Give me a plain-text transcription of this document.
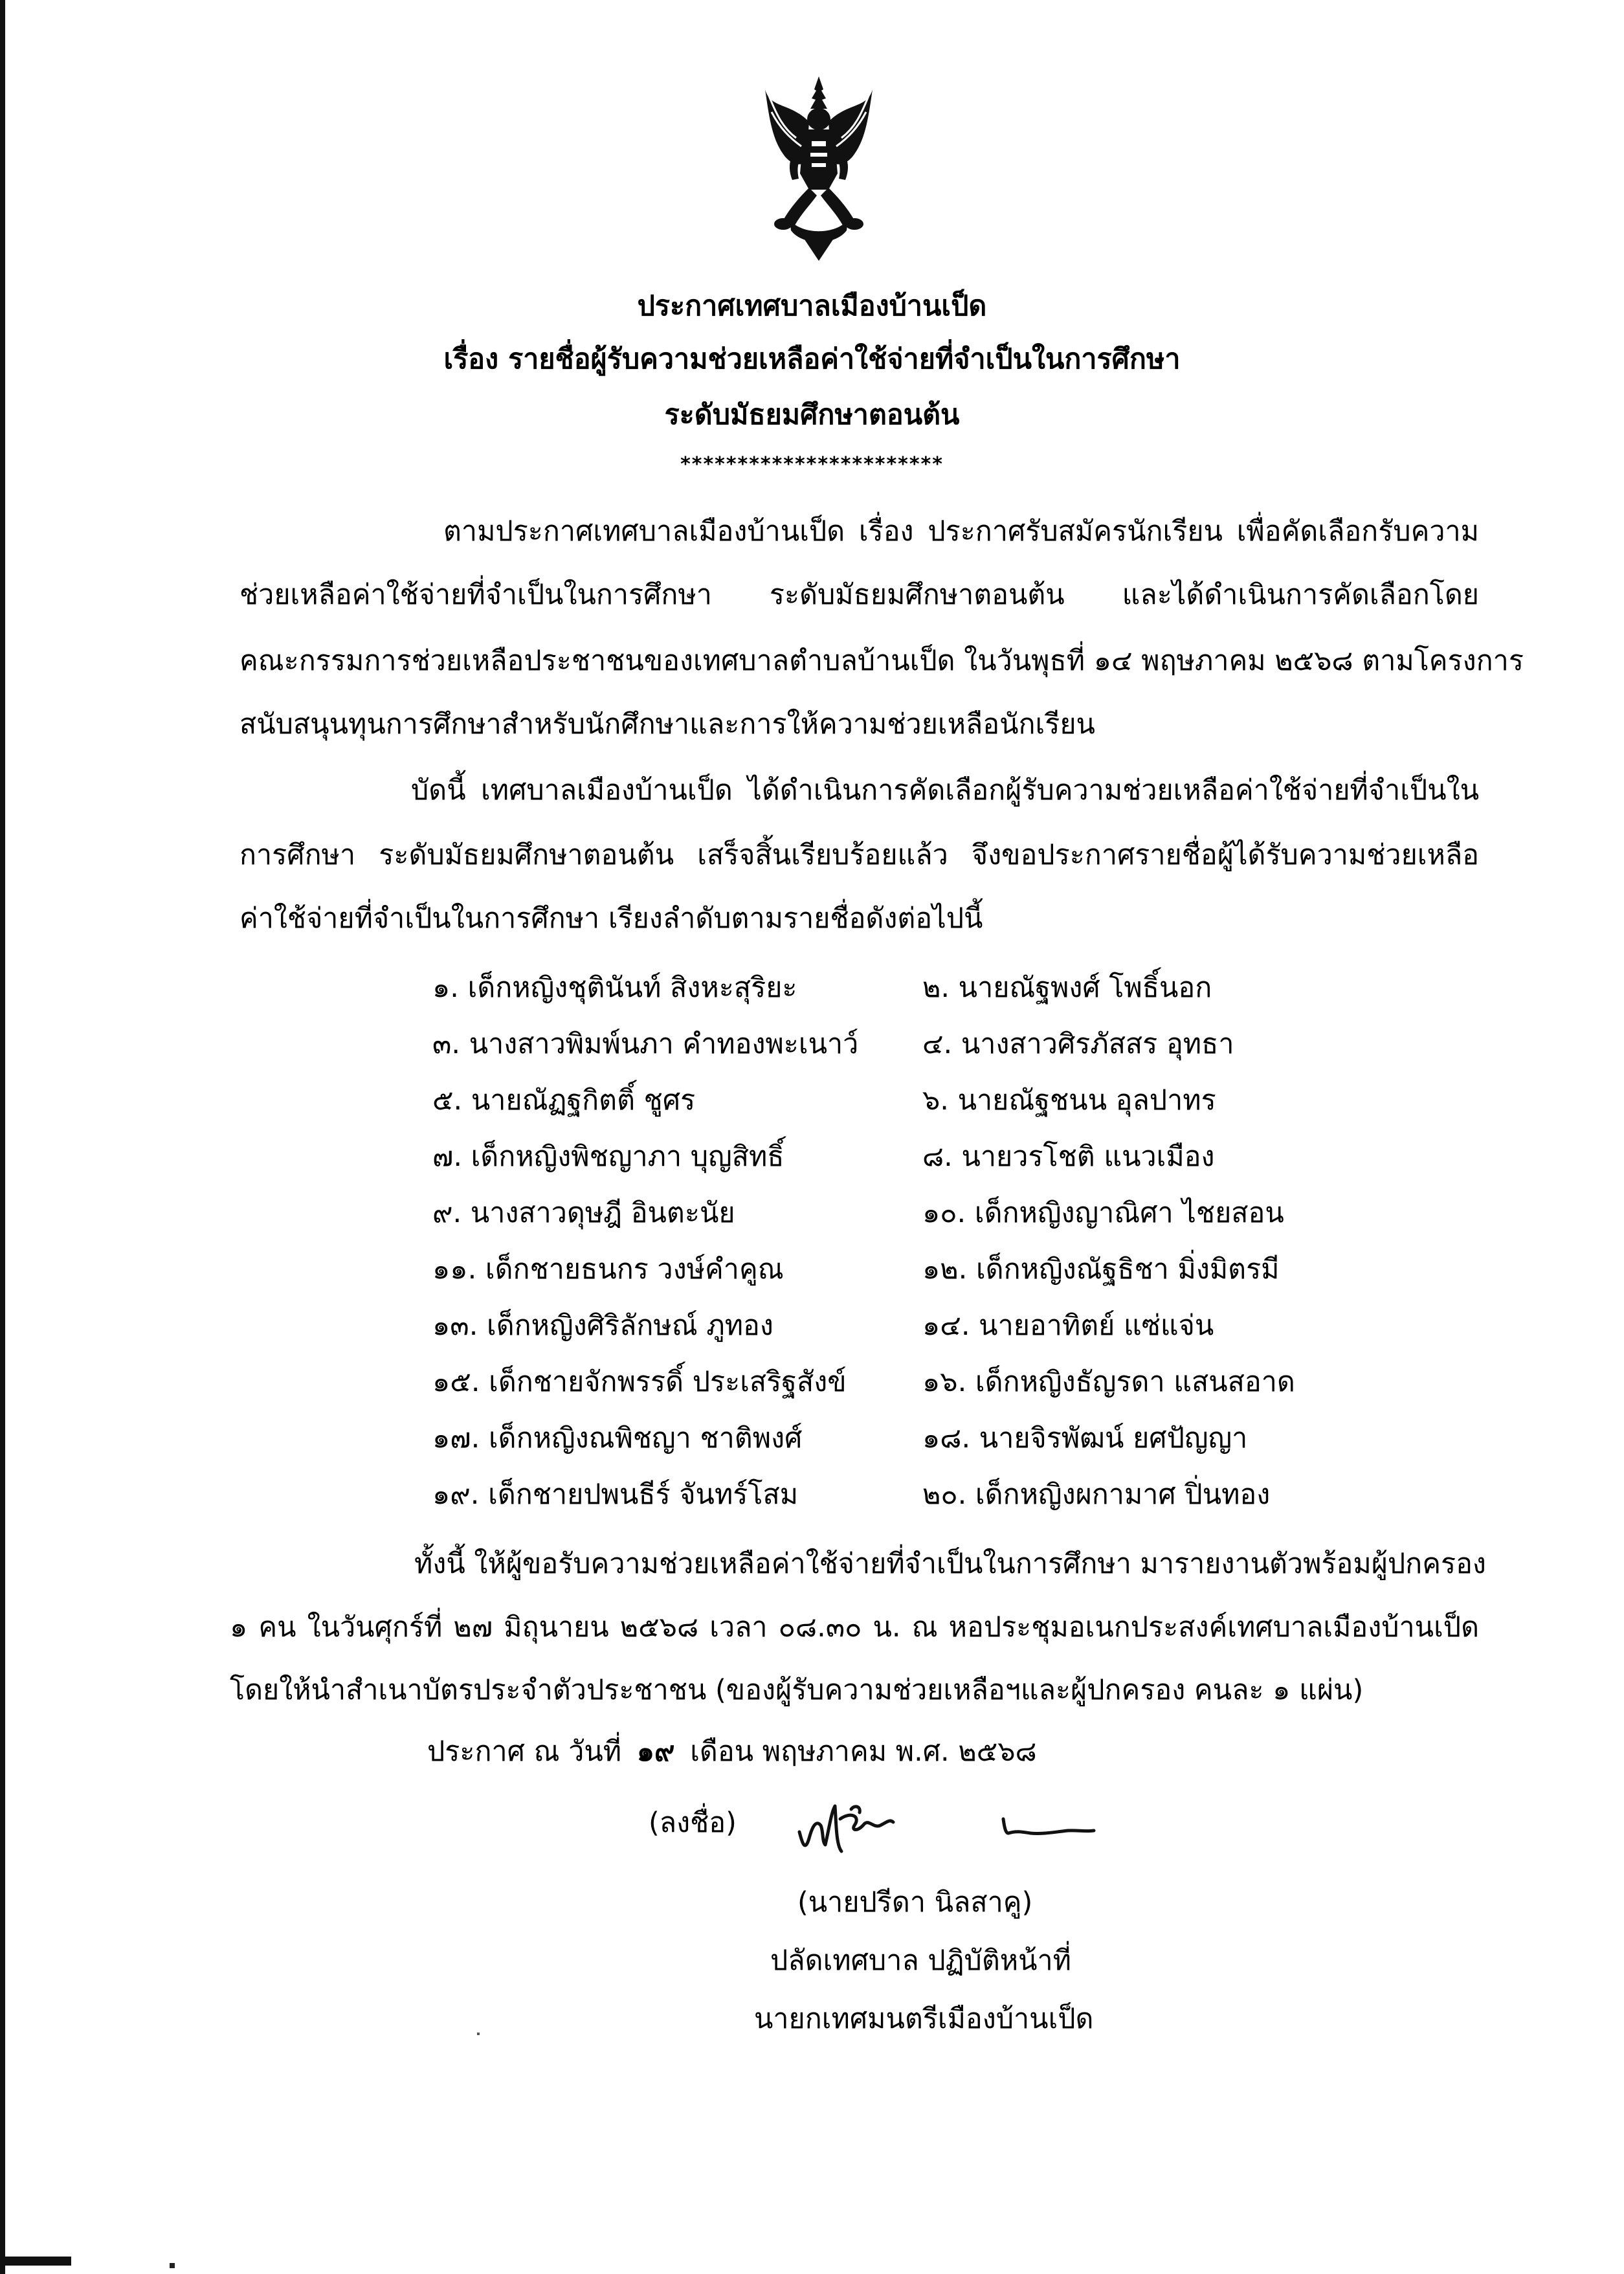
ประกาศเทศบาลเมืองบ้านเป็ด
เรื่อง รายชื่อผู้รับความช่วยเหลือค่าใช้จ่ายที่จำเป็นในการศึกษา
ระดับมัธยมศึกษาตอนต้น
***********************
ตามประกาศเทศบาลเมืองบ้านเป็ด เรื่อง ประกาศรับสมัครนักเรียน เพื่อคัดเลือกรับความ
ช่วยเหลือค่าใช้จ่ายที่จำเป็นในการศึกษา ระดับมัธยมศึกษาตอนต้น และได้ดำเนินการคัดเลือกโดย
คณะกรรมการช่วยเหลือประชาชนของเทศบาลตำบลบ้านเป็ด ในวันพุธที่ ๑๔ พฤษภาคม ๒๕๖๘ ตามโครงการ
สนับสนุนทุนการศึกษาสำหรับนักศึกษาและการให้ความช่วยเหลือนักเรียน
บัดนี้ เทศบาลเมืองบ้านเป็ด ได้ดำเนินการคัดเลือกผู้รับความช่วยเหลือค่าใช้จ่ายที่จำเป็นใน
การศึกษา ระดับมัธยมศึกษาตอนต้น เสร็จสิ้นเรียบร้อยแล้ว จึงขอประกาศรายชื่อผู้ได้รับความช่วยเหลือ
ค่าใช้จ่ายที่จำเป็นในการศึกษา เรียงลำดับตามรายชื่อดังต่อไปนี้
๑. เด็กหญิงชุตินันท์ สิงหะสุริยะ	๒. นายณัฐพงศ์ โพธิ์นอก
๓. นางสาวพิมพ์นภา คำทองพะเนาว์ ๔. นางสาวศิรภัสสร อุทธา
๕. นายณัฏฐกิตติ์ ชูศร	๖. นายณัฐชนน อุลปาทร
๗. เด็กหญิงพิชญาภา บุญสิทธิ์	๘. นายวรโชติ แนวเมือง
๙. นางสาวดุษฎี อินตะนัย	๑๐. เด็กหญิงญาณิศา ไชยสอน
๑๑. เด็กชายธนกร วงษ์คำคูณ	๑๒. เด็กหญิงณัฐธิชา มิ่งมิตรมี
๑๓. เด็กหญิงศิริลักษณ์ ภูทอง	๑๔. นายอาทิตย์ แซ่แจ่น
๑๕. เด็กชายจักพรรดิ์ ประเสริฐสังข์	๑๖. เด็กหญิงธัญรดา แสนสอาด
๑๗. เด็กหญิงณพิชญา ชาติพงศ์	๑๘. นายจิรพัฒน์ ยศปัญญา
๑๙. เด็กชายปพนธีร์ จันทร์โสม	๒๐. เด็กหญิงผกามาศ ปิ่นทอง
ทั้งนี้ ให้ผู้ขอรับความช่วยเหลือค่าใช้จ่ายที่จำเป็นในการศึกษา มารายงานตัวพร้อมผู้ปกครอง
๑ คน ในวันศุกร์ที่ ๒๗ มิถุนายน ๒๕๖๘ เวลา ๐๘.๓๐ น. ณ หอประชุมอเนกประสงค์เทศบาลเมืองบ้านเป็ด
โดยให้นำสำเนาบัตรประจำตัวประชาชน (ของผู้รับความช่วยเหลือฯและผู้ปกครอง คนละ ๑ แผ่น)
ประกาศ ณ วันที่ ๑๙ เดือน พฤษภาคม พ.ศ. ๒๕๖๘
(ลงชื่อ)
(นายปรีดา นิลสาคู)
ปลัดเทศบาล ปฏิบัติหน้าที่
นายกเทศมนตรีเมืองบ้านเป็ด
